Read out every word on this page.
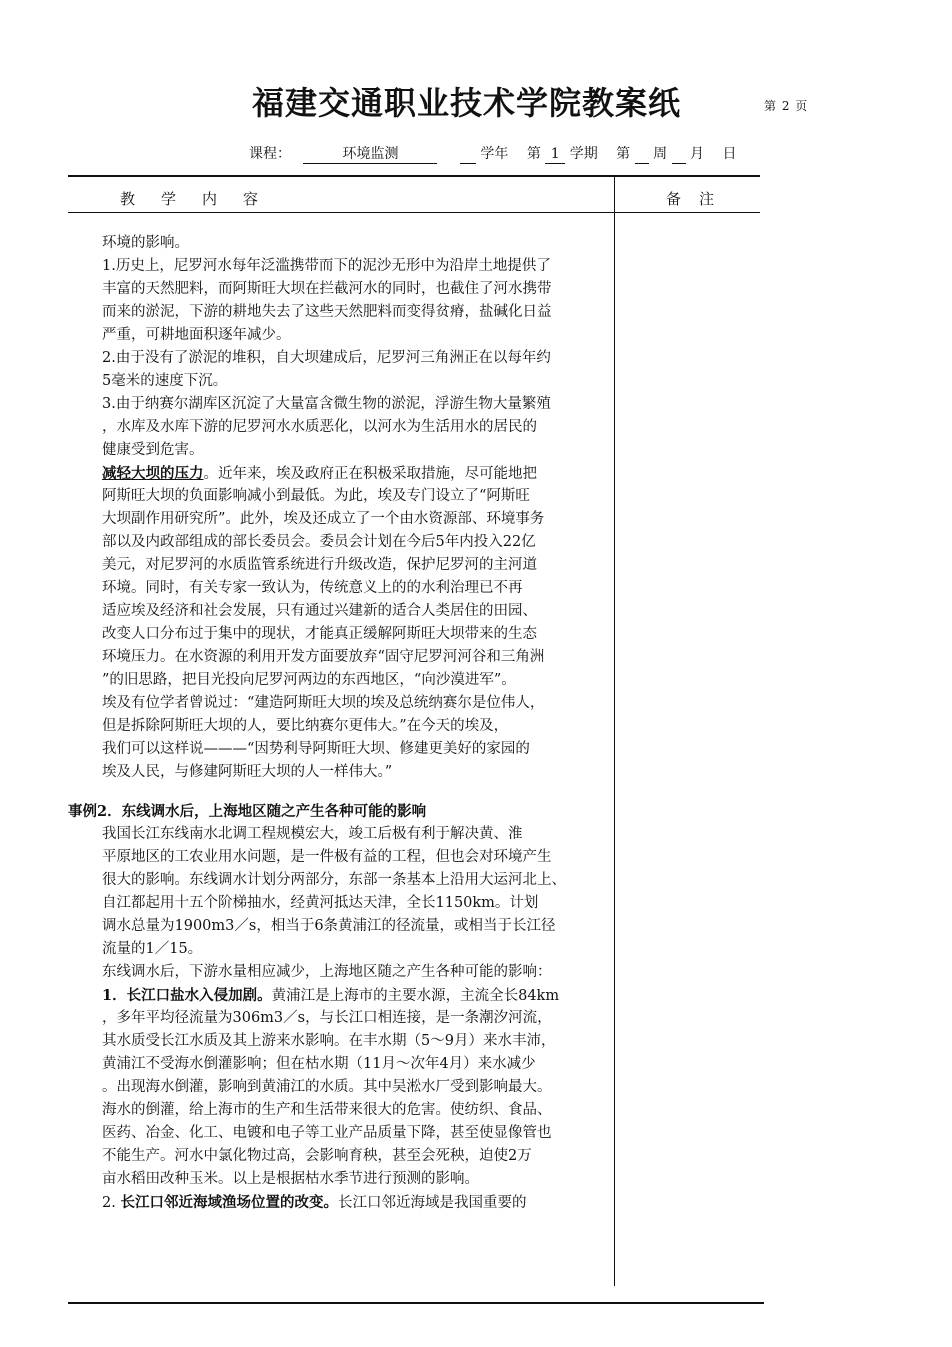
福建交通职业技术学院教案纸	第 2 页
课程：	环境监测	学年 第 1 学期 第 周 月 日
教学内容	备注
环境的影响。
1.历史上，尼罗河水每年泛滥携带而下的泥沙无形中为沿岸土地提供了
丰富的天然肥料，而阿斯旺大坝在拦截河水的同时，也截住了河水携带
而来的淤泥，下游的耕地失去了这些天然肥料而变得贫瘠，盐碱化日益
严重，可耕地面积逐年减少。
2.由于没有了淤泥的堆积，自大坝建成后，尼罗河三角洲正在以每年约
5毫米的速度下沉。
3.由于纳赛尔湖库区沉淀了大量富含微生物的淤泥，浮游生物大量繁殖
，水库及水库下游的尼罗河水水质恶化，以河水为生活用水的居民的
健康受到危害。
减轻大坝的压力。近年来，埃及政府正在积极采取措施，尽可能地把
阿斯旺大坝的负面影响减小到最低。为此，埃及专门设立了“阿斯旺
大坝副作用研究所”。此外，埃及还成立了一个由水资源部、环境事务
部以及内政部组成的部长委员会。委员会计划在今后5年内投入22亿
美元，对尼罗河的水质监管系统进行升级改造，保护尼罗河的主河道
环境。同时，有关专家一致认为，传统意义上的的水利治理已不再
适应埃及经济和社会发展，只有通过兴建新的适合人类居住的田园、
改变人口分布过于集中的现状，才能真正缓解阿斯旺大坝带来的生态
环境压力。在水资源的利用开发方面要放弃“固守尼罗河河谷和三角洲
”的旧思路，把目光投向尼罗河两边的东西地区，“向沙漠进军”。
埃及有位学者曾说过：“建造阿斯旺大坝的埃及总统纳赛尔是位伟人，
但是拆除阿斯旺大坝的人，要比纳赛尔更伟大。”在今天的埃及，
我们可以这样说———“因势利导阿斯旺大坝、修建更美好的家园的
埃及人民，与修建阿斯旺大坝的人一样伟大。”
事例2．东线调水后，上海地区随之产生各种可能的影响
我国长江东线南水北调工程规模宏大，竣工后极有利于解决黄、淮
平原地区的工农业用水问题，是一件极有益的工程，但也会对环境产生
很大的影响。东线调水计划分两部分，东部一条基本上沿用大运河北上、
自江都起用十五个阶梯抽水，经黄河抵达天津，全长1150km。计划
调水总量为1900m3／s，相当于6条黄浦江的径流量，或相当于长江径
流量的1／15。
东线调水后，下游水量相应减少，上海地区随之产生各种可能的影响：
1．长江口盐水入侵加剧。黄浦江是上海市的主要水源，主流全长84km
，多年平均径流量为306m3／s，与长江口相连接，是一条潮汐河流，
其水质受长江水质及其上游来水影响。在丰水期（5～9月）来水丰沛，
黄浦江不受海水倒灌影响；但在枯水期（11月～次年4月）来水减少
。出现海水倒灌，影响到黄浦江的水质。其中吴淞水厂受到影响最大。
海水的倒灌，给上海市的生产和生活带来很大的危害。使纺织、食品、
医药、冶金、化工、电镀和电子等工业产品质量下降，甚至使显像管也
不能生产。河水中氯化物过高，会影响育秧，甚至会死秧，迫使2万
亩水稻田改种玉米。以上是根据枯水季节进行预测的影响。
2. 长江口邻近海域渔场位置的改变。长江口邻近海域是我国重要的
